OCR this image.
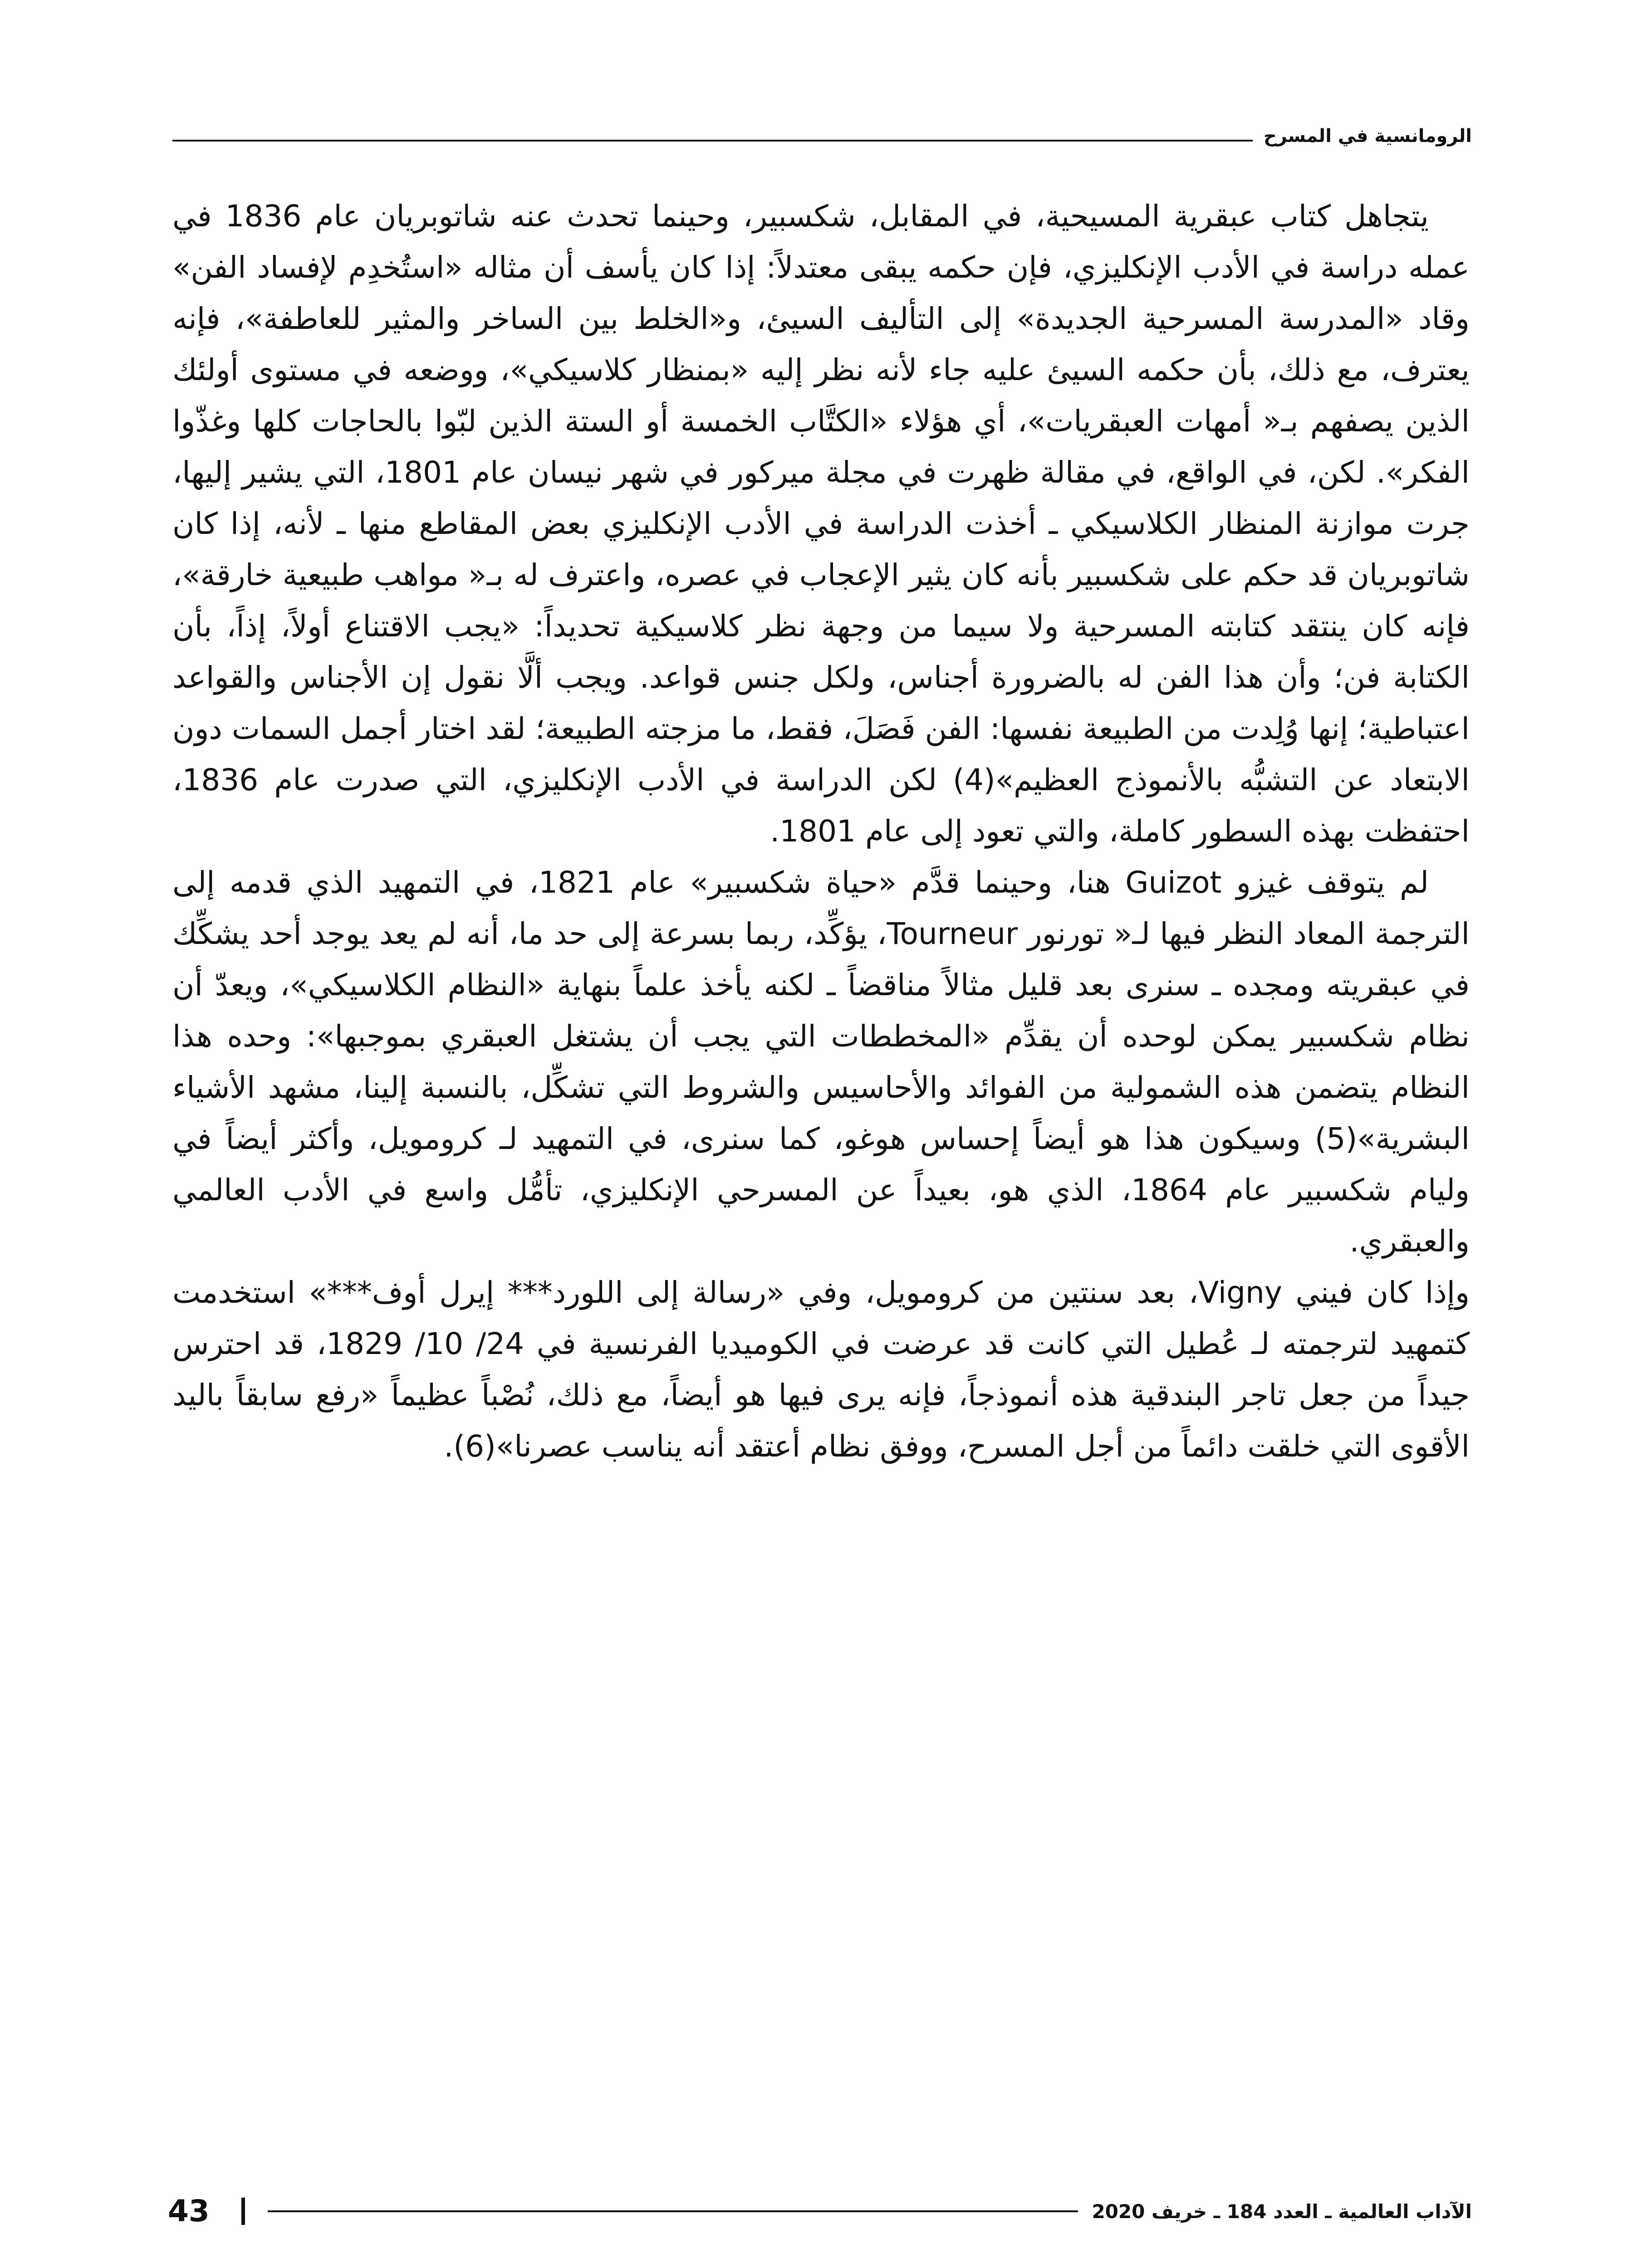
الرومانسية في المسرح

يتجاهل كتاب عبقرية المسيحية، في المقابل، شكسبير، وحينما تحدث عنه شاتوبريان عام 1836 في عمله دراسة في الأدب الإنكليزي، فإن حكمه يبقى معتدلاً: إذا كان يأسف أن مثاله «استُخدِم لإفساد الفن» وقاد «المدرسة المسرحية الجديدة» إلى التأليف السيئ، و«الخلط بين الساخر والمثير للعاطفة»، فإنه يعترف، مع ذلك، بأن حكمه السيئ عليه جاء لأنه نظر إليه «بمنظار كلاسيكي»، ووضعه في مستوى أولئك الذين يصفهم بـ« أمهات العبقريات»، أي هؤلاء «الكتَّاب الخمسة أو الستة الذين لبّوا بالحاجات كلها وغذّوا الفكر». لكن، في الواقع، في مقالة ظهرت في مجلة ميركور في شهر نيسان عام 1801، التي يشير إليها، جرت موازنة المنظار الكلاسيكي ـ أخذت الدراسة في الأدب الإنكليزي بعض المقاطع منها ـ لأنه، إذا كان شاتوبريان قد حكم على شكسبير بأنه كان يثير الإعجاب في عصره، واعترف له بـ« مواهب طبيعية خارقة»، فإنه كان ينتقد كتابته المسرحية ولا سيما من وجهة نظر كلاسيكية تحديداً: «يجب الاقتناع أولاً، إذاً، بأن الكتابة فن؛ وأن هذا الفن له بالضرورة أجناس، ولكل جنس قواعد. ويجب ألَّا نقول إن الأجناس والقواعد اعتباطية؛ إنها وُلِدت من الطبيعة نفسها: الفن فَصَلَ، فقط، ما مزجته الطبيعة؛ لقد اختار أجمل السمات دون الابتعاد عن التشبُّه بالأنموذج العظيم»(4) لكن الدراسة في الأدب الإنكليزي، التي صدرت عام 1836، احتفظت بهذه السطور كاملة، والتي تعود إلى عام 1801.

لم يتوقف غيزو Guizot هنا، وحينما قدَّم «حياة شكسبير» عام 1821، في التمهيد الذي قدمه إلى الترجمة المعاد النظر فيها لـ« تورنور Tourneur، يؤكِّد، ربما بسرعة إلى حد ما، أنه لم يعد يوجد أحد يشكِّك في عبقريته ومجده ـ سنرى بعد قليل مثالاً مناقضاً ـ لكنه يأخذ علماً بنهاية «النظام الكلاسيكي»، ويعدّ أن نظام شكسبير يمكن لوحده أن يقدِّم «المخططات التي يجب أن يشتغل العبقري بموجبها»: وحده هذا النظام يتضمن هذه الشمولية من الفوائد والأحاسيس والشروط التي تشكِّل، بالنسبة إلينا، مشهد الأشياء البشرية»(5) وسيكون هذا هو أيضاً إحساس هوغو، كما سنرى، في التمهيد لـ كرومويل، وأكثر أيضاً في وليام شكسبير عام 1864، الذي هو، بعيداً عن المسرحي الإنكليزي، تأمُّل واسع في الأدب العالمي والعبقري.

وإذا كان فيني Vigny، بعد سنتين من كرومويل، وفي «رسالة إلى اللورد*** إيرل أوف***» استخدمت كتمهيد لترجمته لـ عُطيل التي كانت قد عرضت في الكوميديا الفرنسية في 24/ 10/ 1829، قد احترس جيداً من جعل تاجر البندقية هذه أنموذجاً، فإنه يرى فيها هو أيضاً، مع ذلك، نُصْباً عظيماً «رفع سابقاً باليد الأقوى التي خلقت دائماً من أجل المسرح، ووفق نظام أعتقد أنه يناسب عصرنا»(6).

الآداب العالمية ـ العدد 184 ـ خريف 2020
43
